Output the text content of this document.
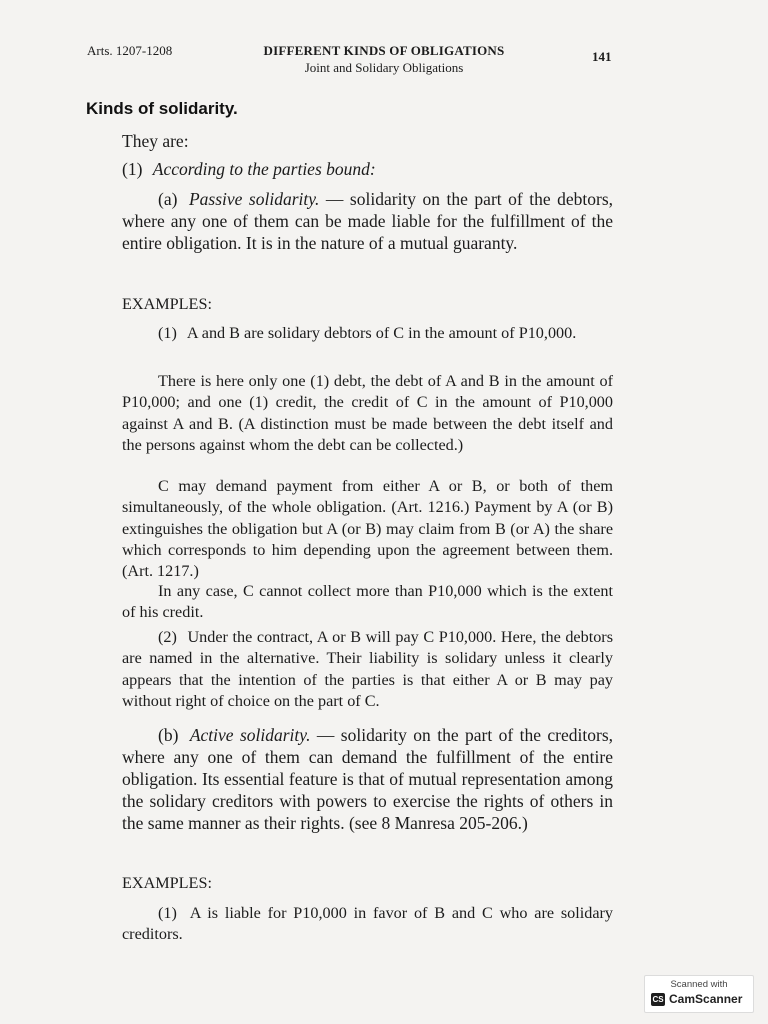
Arts. 1207-1208	DIFFERENT KINDS OF OBLIGATIONS
Joint and Solidary Obligations
141
Kinds of solidarity.
They are:
(1) According to the parties bound:
(a) Passive solidarity. — solidarity on the part of the debtors, where any one of them can be made liable for the fulfillment of the entire obligation. It is in the nature of a mutual guaranty.
EXAMPLES:
(1) A and B are solidary debtors of C in the amount of P10,000.
There is here only one (1) debt, the debt of A and B in the amount of P10,000; and one (1) credit, the credit of C in the amount of P10,000 against A and B. (A distinction must be made between the debt itself and the persons against whom the debt can be collected.)
C may demand payment from either A or B, or both of them simultaneously, of the whole obligation. (Art. 1216.) Payment by A (or B) extinguishes the obligation but A (or B) may claim from B (or A) the share which corresponds to him depending upon the agreement between them. (Art. 1217.)
In any case, C cannot collect more than P10,000 which is the extent of his credit.
(2) Under the contract, A or B will pay C P10,000. Here, the debtors are named in the alternative. Their liability is solidary unless it clearly appears that the intention of the parties is that either A or B may pay without right of choice on the part of C.
(b) Active solidarity. — solidarity on the part of the creditors, where any one of them can demand the fulfillment of the entire obligation. Its essential feature is that of mutual representation among the solidary creditors with powers to exercise the rights of others in the same manner as their rights. (see 8 Manresa 205-206.)
EXAMPLES:
(1) A is liable for P10,000 in favor of B and C who are solidary creditors.
Scanned with
CS CamScanner
